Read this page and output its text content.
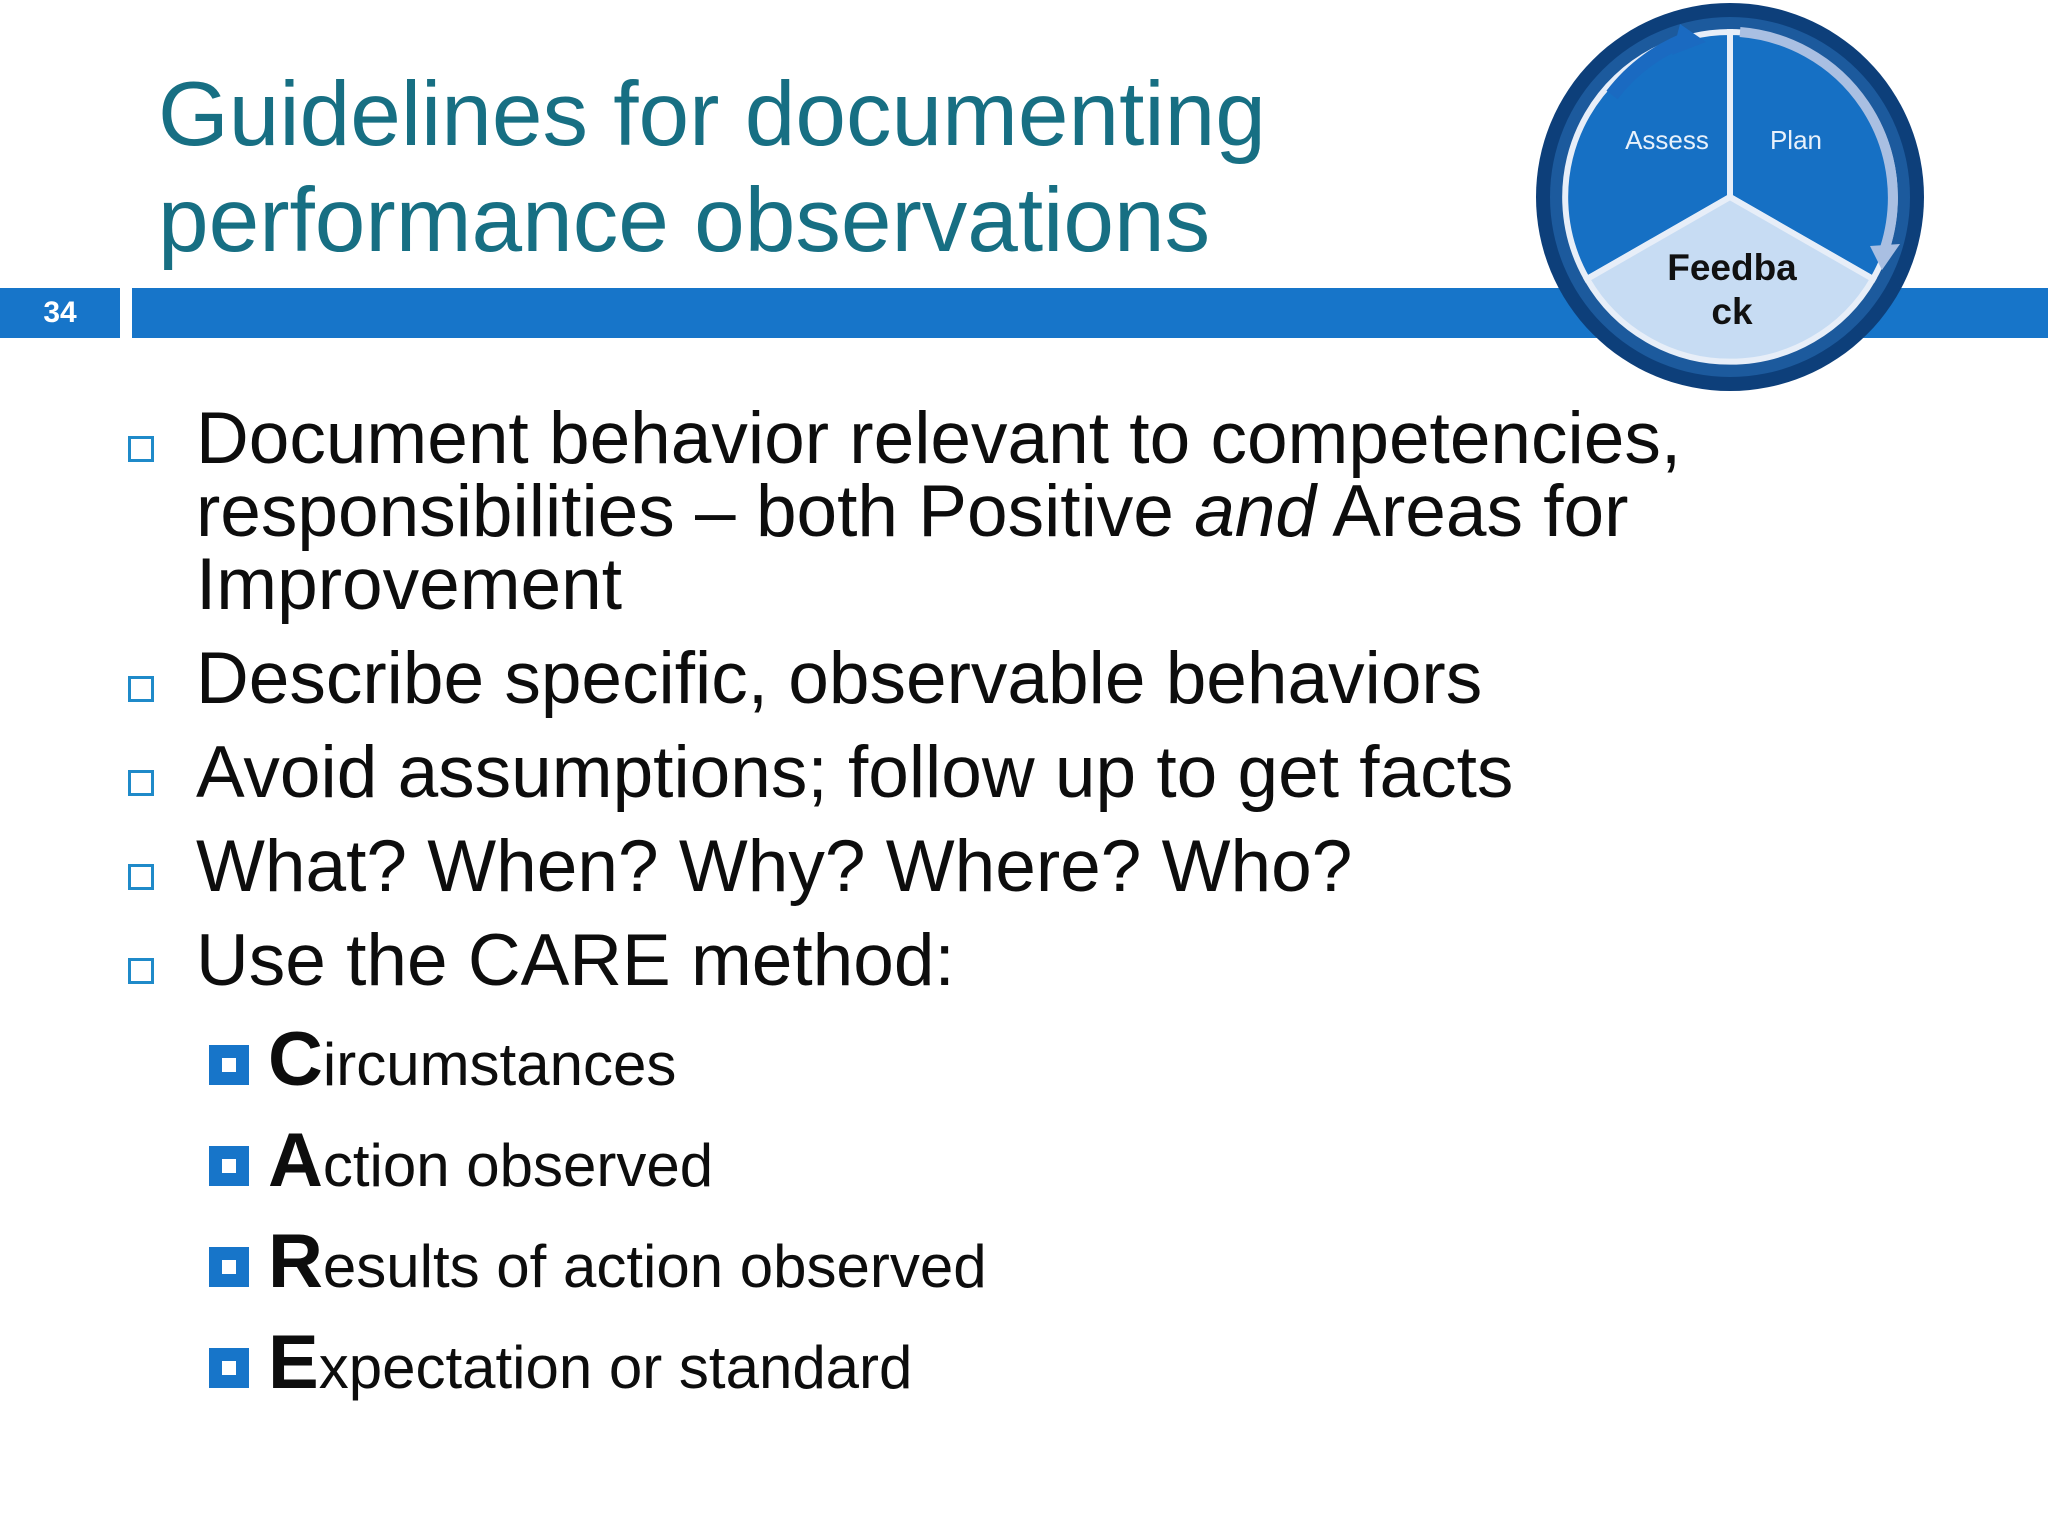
Guidelines for documenting
performance observations
34
Assess Plan
Feedba
ck
Document behavior relevant to competencies,
responsibilities – both Positive and Areas for
Improvement
Describe specific, observable behaviors
Avoid assumptions; follow up to get facts
What? When? Why? Where? Who?
Use the CARE method:
Circumstances
Action observed
Results of action observed
Expectation or standard
